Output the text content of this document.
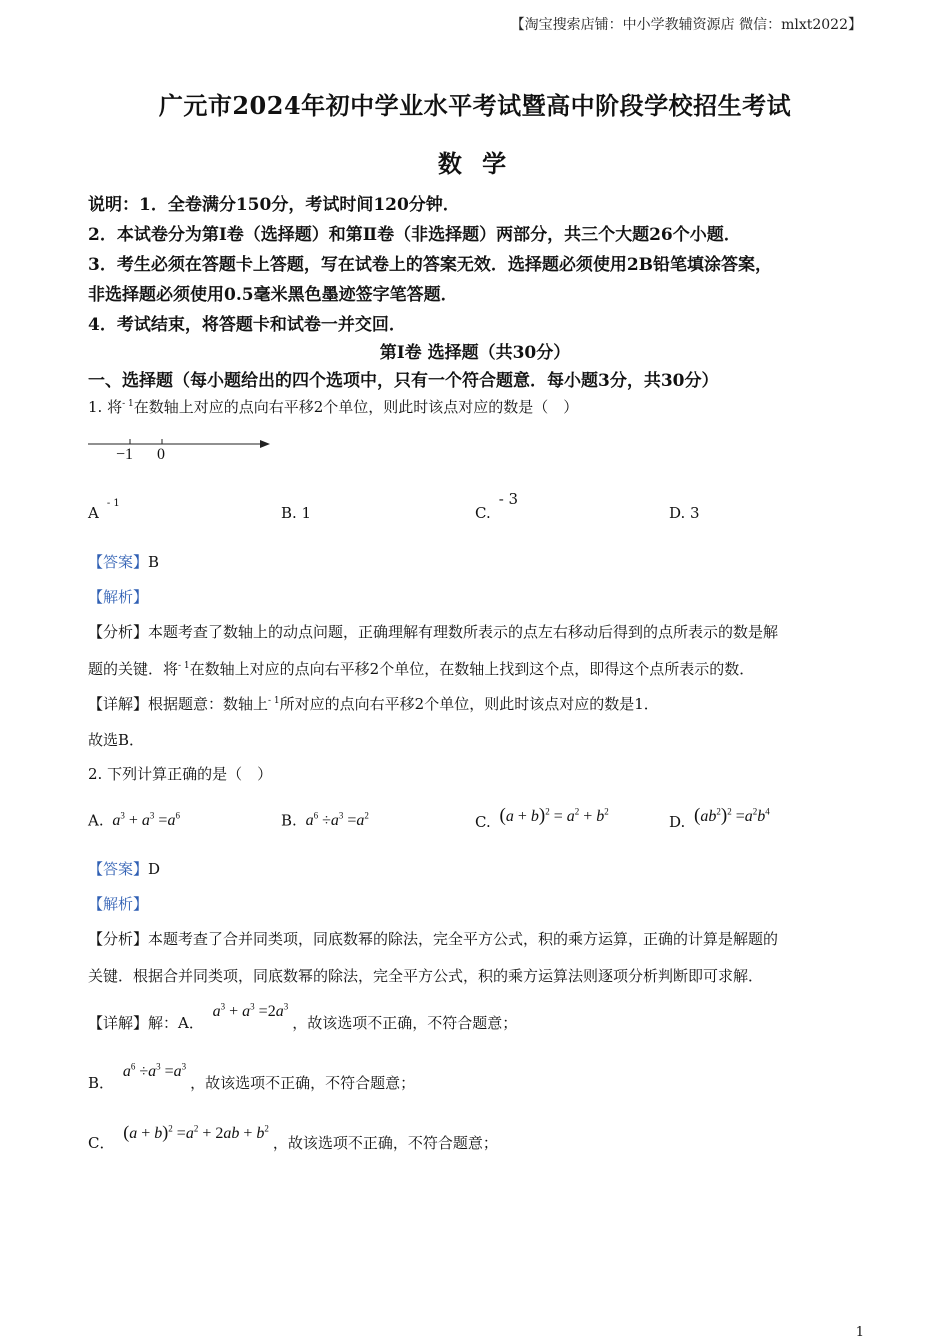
【淘宝搜索店铺：中小学教辅资源店 微信：mlxt2022】
广元市2024年初中学业水平考试暨高中阶段学校招生考试
数 学
说明：1．全卷满分150分，考试时间120分钟．
2．本试卷分为第Ⅰ卷（选择题）和第Ⅱ卷（非选择题）两部分，共三个大题26个小题．
3．考生必须在答题卡上答题，写在试卷上的答案无效．选择题必须使用2B铅笔填涂答案，
非选择题必须使用0.5毫米黑色墨迹签字笔答题．
4．考试结束，将答题卡和试卷一并交回．
第Ⅰ卷 选择题（共30分）
一、选择题（每小题给出的四个选项中，只有一个符合题意．每小题3分，共30分）
1. 将$^{- 1}$在数轴上对应的点向右平移2个单位，则此时该点对应的数是（　）
−1 0
$A^{- 1}$
B. 1	C.- 3
D. 3
【答案】B
【解析】
【分析】本题考查了数轴上的动点问题，正确理解有理数所表示的点左右移动后得到的点所表示的数是解
题的关键．将$^{- 1}$在数轴上对应的点向右平移2个单位，在数轴上找到这个点，即得这个点所表示的数．
【详解】根据题意：数轴上$^{- 1}$所对应的点向右平移2个单位，则此时该点对应的数是1．
故选B．
2. 下列计算正确的是（　）
A. $a^3 + a^3 =a^6$	B. $a^6 \div a^3 =a^2$	C. $(a + b)^2 = a^2 + b^2$
D. $(ab^2)^2 =a^2b^4$
【答案】D
【解析】
【分析】本题考查了合并同类项，同底数幂的除法，完全平方公式，积的乘方运算，正确的计算是解题的
关键．根据合并同类项，同底数幂的除法，完全平方公式，积的乘方运算法则逐项分析判断即可求解．
【详解】解：A． $a^3 + a^3 =2a^3$，故该选项不正确，不符合题意；
B． $a^6 \div a^3 =a^3$，故该选项不正确，不符合题意；
C． $(a + b)^2 =a^2 + 2ab + b^2$，故该选项不正确，不符合题意；
1
